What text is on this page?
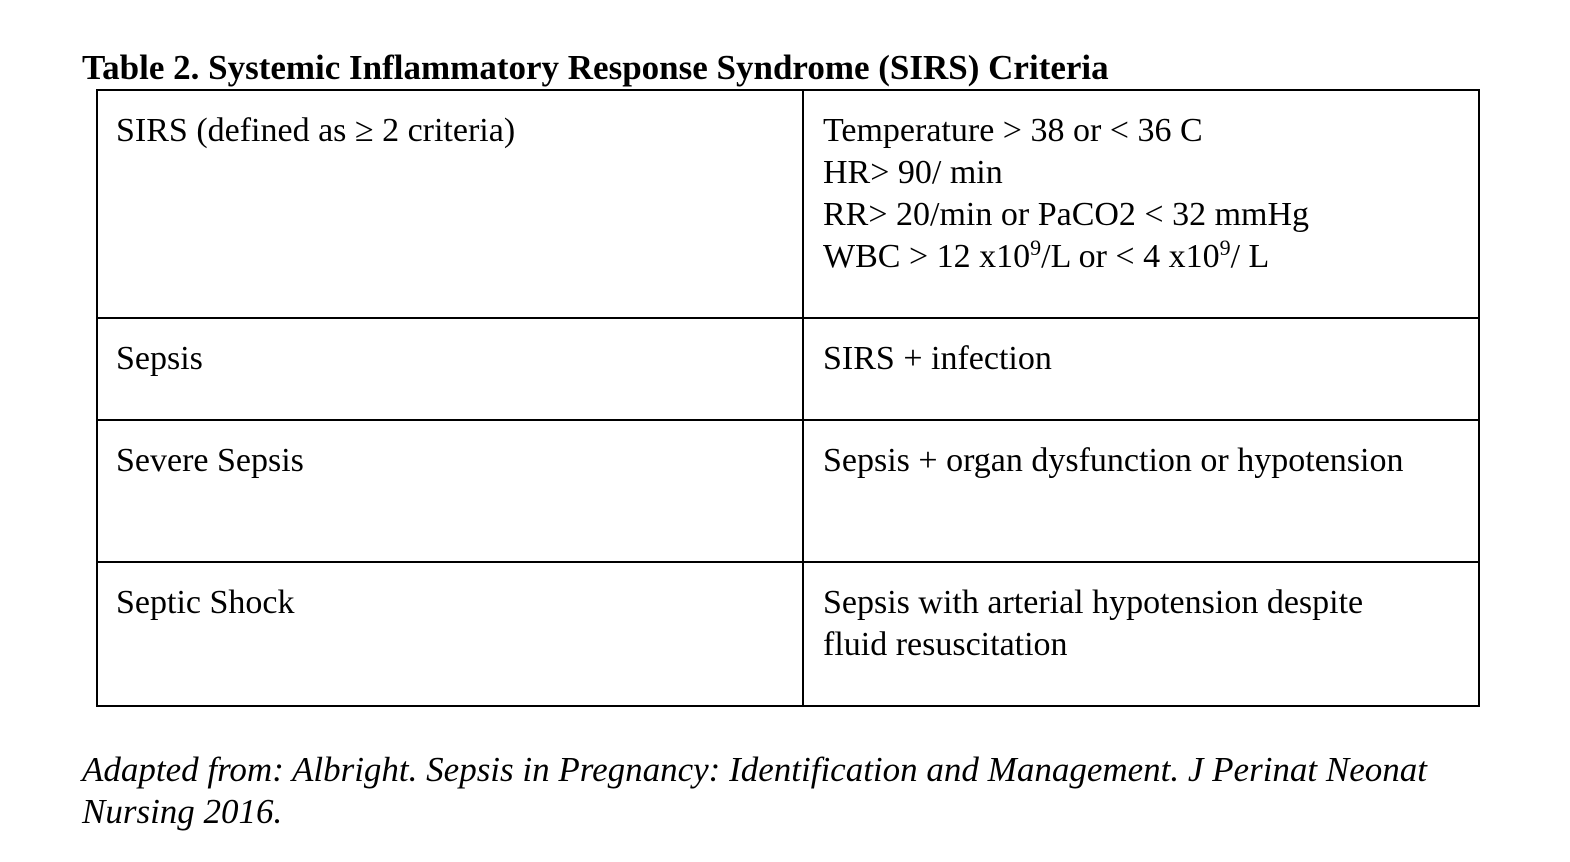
Table 2. Systemic Inflammatory Response Syndrome (SIRS) Criteria
SIRS (defined as ≥ 2 criteria)	Temperature > 38 or < 36 C
HR> 90/ min
RR> 20/min or PaCO2 < 32 mmHg
WBC > 12 $x10^9/L$ or < 4 $x10^9/$ L

Sepsis	SIRS + infection

Severe Sepsis	Sepsis + organ dysfunction or hypotension

Septic Shock	Sepsis with arterial hypotension despite
fluid resuscitation
Adapted from: Albright. Sepsis in Pregnancy: Identification and Management. J Perinat Neonat Nursing 2016.
